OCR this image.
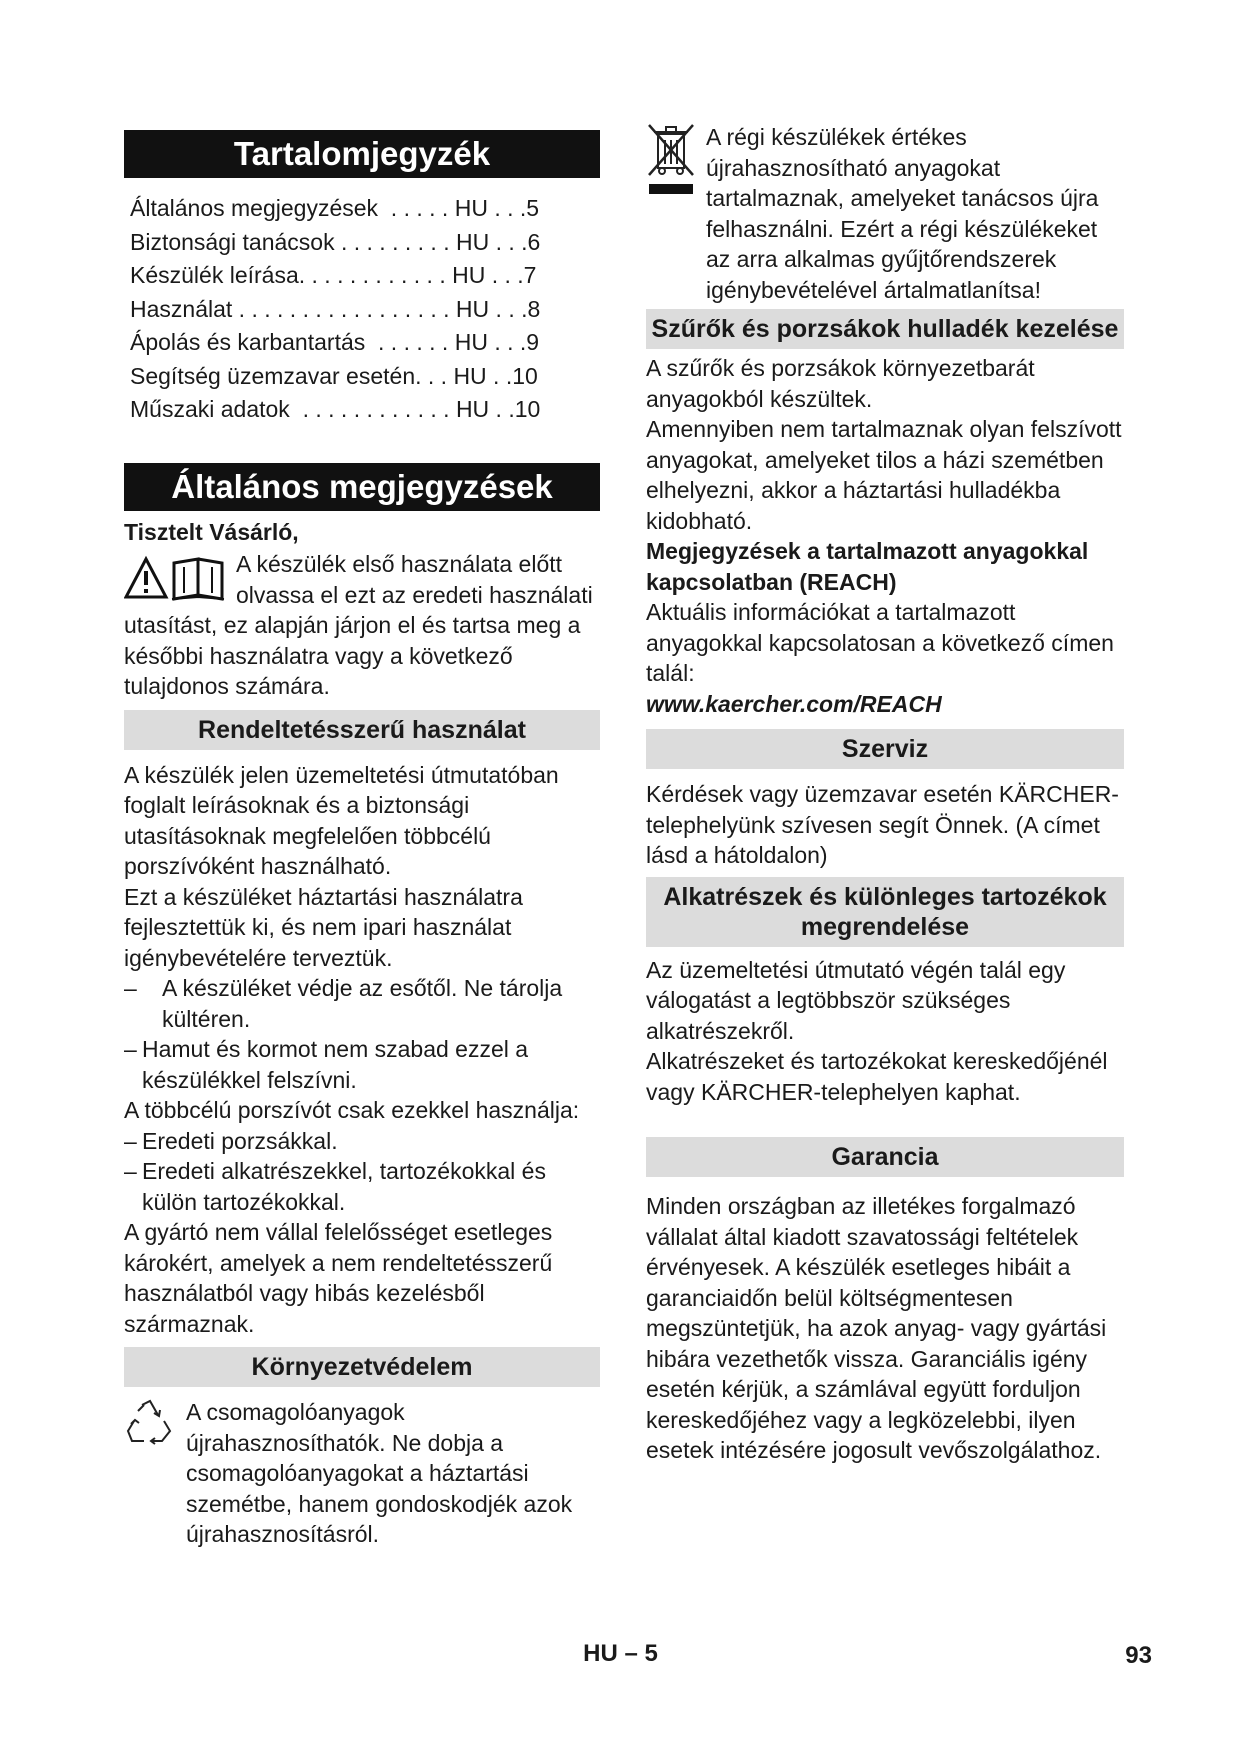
Tartalomjegyzék
Általános megjegyzések  . . . . . HU . . .5
Biztonsági tanácsok . . . . . . . . . HU . . .6
Készülék leírása. . . . . . . . . . . . HU . . .7
Használat . . . . . . . . . . . . . . . . . HU . . .8
Ápolás és karbantartás  . . . . . . HU . . .9
Segítség üzemzavar esetén. . . HU . .10
Műszaki adatok  . . . . . . . . . . . . HU . .10
Általános megjegyzések

Tisztelt Vásárló,

A készülék első használata előtt olvassa el ezt az eredeti használati utasítást, ez alapján járjon el és tartsa meg a későbbi használatra vagy a következő tulajdonos számára.

Rendeltetésszerű használat

A készülék jelen üzemeltetési útmutatóban foglalt leírásoknak és a biztonsági utasításoknak megfelelően többcélú porszívóként használható.

Ezt a készüléket háztartási használatra fejlesztettük ki, és nem ipari használat igénybevételére terveztük.

–	A készüléket védje az esőtől. Ne tárolja kültéren.
– Hamut és kormot nem szabad ezzel a készülékkel felszívni.

A többcélú porszívót csak ezekkel használja:

– Eredeti porzsákkal.
– Eredeti alkatrészekkel, tartozékokkal és külön tartozékokkal.

A gyártó nem vállal felelősséget esetleges károkért, amelyek a nem rendeltetésszerű használatból vagy hibás kezelésből származnak.

Környezetvédelem

A csomagolóanyagok újrahasznosíthatók. Ne dobja a csomagolóanyagokat a háztartási szemétbe, hanem gondoskodjék azok újrahasznosításról.

A régi készülékek értékes újrahasznosítható anyagokat tartalmaznak, amelyeket tanácsos újra felhasználni. Ezért a régi készülékeket az arra alkalmas gyűjtőrendszerek igénybevételével ártalmatlanítsa!

Szűrők és porzsákok hulladék kezelése

A szűrők és porzsákok környezetbarát anyagokból készültek.

Amennyiben nem tartalmaznak olyan felszívott anyagokat, amelyeket tilos a házi szemétben elhelyezni, akkor a háztartási hulladékba kidobható.

Megjegyzések a tartalmazott anyagokkal kapcsolatban (REACH)

Aktuális információkat a tartalmazott anyagokkal kapcsolatosan a következő címen talál:

www.kaercher.com/REACH

Szerviz

Kérdések vagy üzemzavar esetén KÄRCHER-telephelyünk szívesen segít Önnek. (A címet lásd a hátoldalon)

Alkatrészek és különleges tartozékok megrendelése

Az üzemeltetési útmutató végén talál egy válogatást a legtöbbször szükséges alkatrészekről.

Alkatrészeket és tartozékokat kereskedőjénél vagy KÄRCHER-telephelyen kaphat.

Garancia

Minden országban az illetékes forgalmazó vállalat által kiadott szavatossági feltételek érvényesek. A készülék esetleges hibáit a garanciaidőn belül költségmentesen megszüntetjük, ha azok anyag- vagy gyártási hibára vezethetők vissza. Garanciális igény esetén kérjük, a számlával együtt forduljon kereskedőjéhez vagy a legközelebbi, ilyen esetek intézésére jogosult vevőszolgálathoz.

HU – 5	93
